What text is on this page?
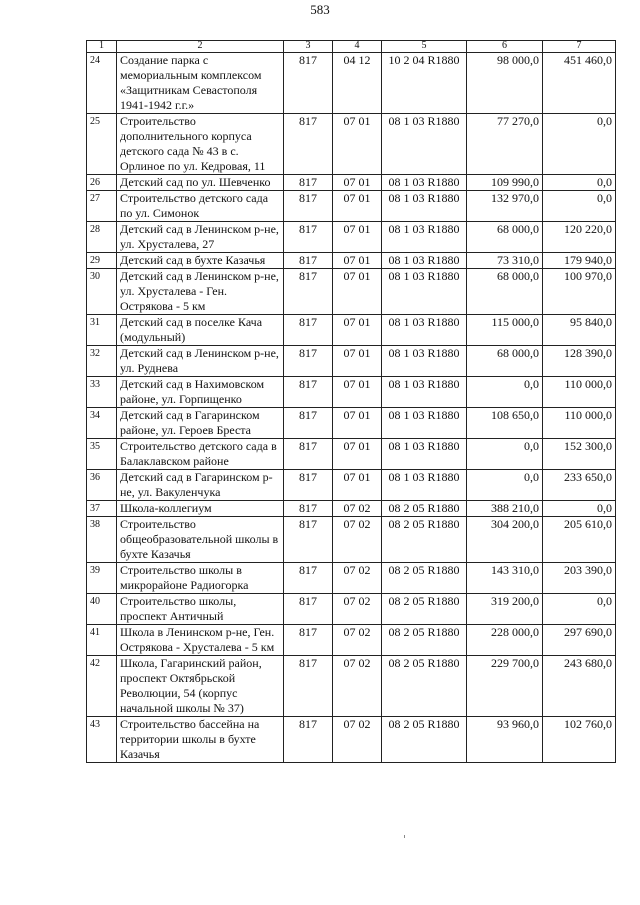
583
1	2	3	4	5	6	7
24	Создание парка с мемориальным комплексом «Защитникам Севастополя 1941-1942 г.г.»	817	04 12	10 2 04 R1880	98 000,0	451 460,0
25	Строительство дополнительного корпуса детского сада № 43 в с. Орлиное по ул. Кедровая, 11	817	07 01	08 1 03 R1880	77 270,0	0,0
26	Детский сад по ул. Шевченко	817	07 01	08 1 03 R1880	109 990,0	0,0
27	Строительство детского сада по ул. Симонок	817	07 01	08 1 03 R1880	132 970,0	0,0
28	Детский сад в Ленинском р-не, ул. Хрусталева, 27	817	07 01	08 1 03 R1880	68 000,0	120 220,0
29	Детский сад в бухте Казачья	817	07 01	08 1 03 R1880	73 310,0	179 940,0
30	Детский сад в Ленинском р-не, ул. Хрусталева - Ген. Острякова - 5 км	817	07 01	08 1 03 R1880	68 000,0	100 970,0
31	Детский сад в поселке Кача (модульный)	817	07 01	08 1 03 R1880	115 000,0	95 840,0
32	Детский сад в Ленинском р-не, ул. Руднева	817	07 01	08 1 03 R1880	68 000,0	128 390,0
33	Детский сад в Нахимовском районе, ул. Горпищенко	817	07 01	08 1 03 R1880	0,0	110 000,0
34	Детский сад в Гагаринском районе, ул. Героев Бреста	817	07 01	08 1 03 R1880	108 650,0	110 000,0
35	Строительство детского сада в Балаклавском районе	817	07 01	08 1 03 R1880	0,0	152 300,0
36	Детский сад в Гагаринском р-не, ул. Вакуленчука	817	07 01	08 1 03 R1880	0,0	233 650,0
37	Школа-коллегиум	817	07 02	08 2 05 R1880	388 210,0	0,0
38	Строительство общеобразовательной школы в бухте Казачья	817	07 02	08 2 05 R1880	304 200,0	205 610,0
39	Строительство школы в микрорайоне Радиогорка	817	07 02	08 2 05 R1880	143 310,0	203 390,0
40	Строительство школы, проспект Античный	817	07 02	08 2 05 R1880	319 200,0	0,0
41	Школа в Ленинском р-не, Ген. Острякова - Хрусталева - 5 км	817	07 02	08 2 05 R1880	228 000,0	297 690,0
42	Школа, Гагаринский район, проспект Октябрьской Революции, 54 (корпус начальной школы № 37)	817	07 02	08 2 05 R1880	229 700,0	243 680,0
43	Строительство бассейна на территории школы в бухте Казачья	817	07 02	08 2 05 R1880	93 960,0	102 760,0
